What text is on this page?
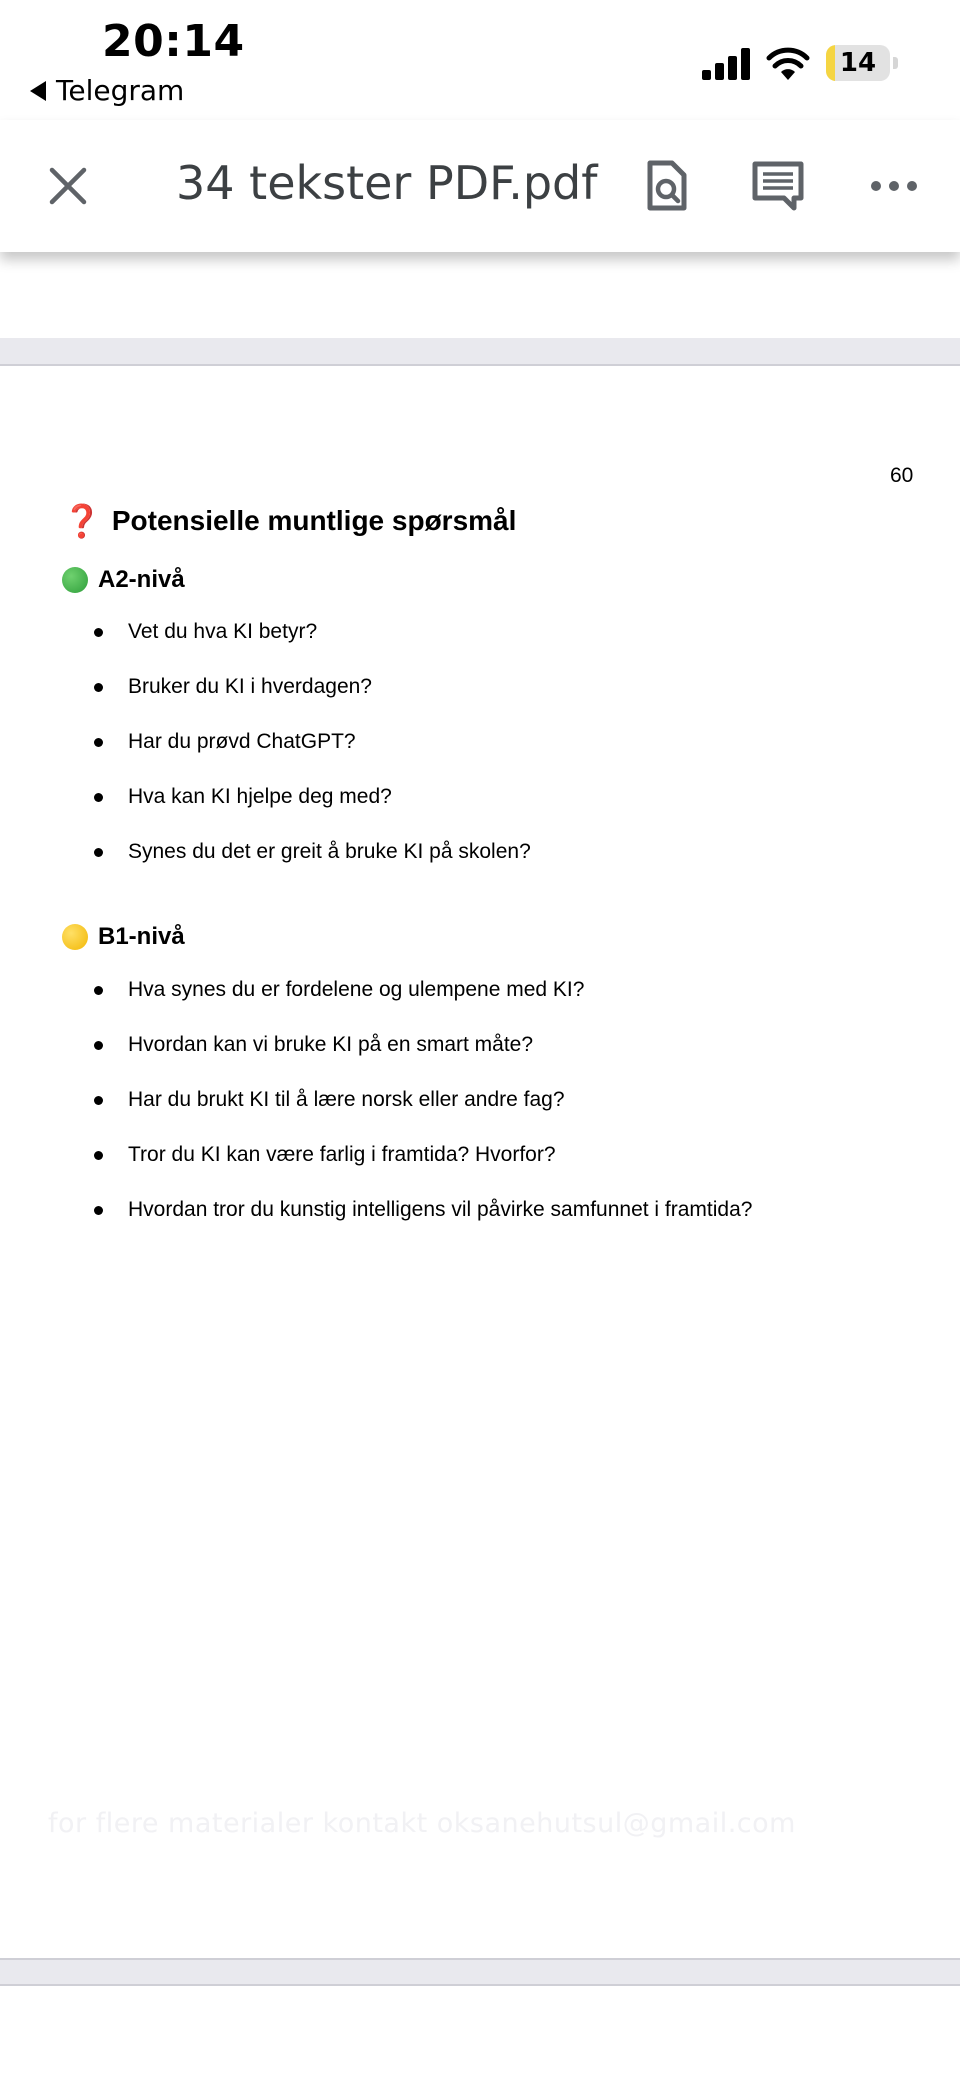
20:14
Telegram
14
34 tekster PDF.pdf
60
❓ Potensielle muntlige spørsmål
A2-nivå
Vet du hva KI betyr?
Bruker du KI i hverdagen?
Har du prøvd ChatGPT?
Hva kan KI hjelpe deg med?
Synes du det er greit å bruke KI på skolen?
B1-nivå
Hva synes du er fordelene og ulempene med KI?
Hvordan kan vi bruke KI på en smart måte?
Har du brukt KI til å lære norsk eller andre fag?
Tror du KI kan være farlig i framtida? Hvorfor?
Hvordan tror du kunstig intelligens vil påvirke samfunnet i framtida?
for flere materialer kontakt oksanehutsul@gmail.com
